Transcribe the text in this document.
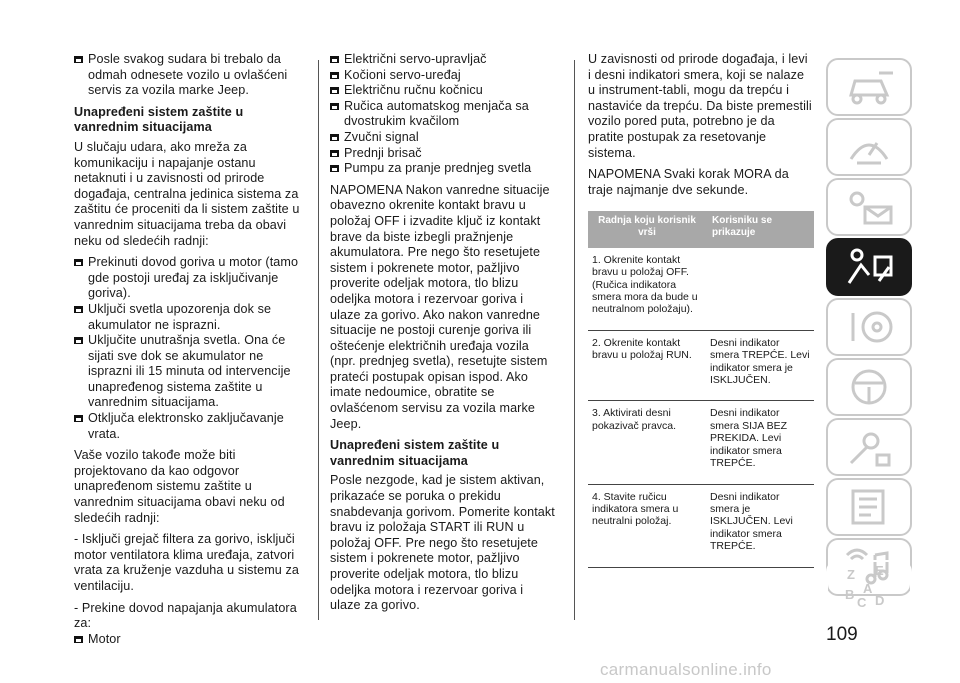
Posle svakog sudara bi trebalo da odmah odnesete vozilo u ovlašćeni servis za vozila marke Jeep.

Unapređeni sistem zaštite u vanrednim situacijama

U slučaju udara, ako mreža za komunikaciju i napajanje ostanu netaknuti i u zavisnosti od prirode događaja, centralna jedinica sistema za zaštitu će proceniti da li sistem zaštite u vanrednim situacijama treba da obavi neku od sledećih radnji:

Prekinuti dovod goriva u motor (tamo gde postoji uređaj za isključivanje goriva).

Uključi svetla upozorenja dok se akumulator ne isprazni.

Uključite unutrašnja svetla. Ona će sijati sve dok se akumulator ne isprazni ili 15 minuta od intervencije unapređenog sistema zaštite u vanrednim situacijama.

Otključa elektronsko zaključavanje vrata.

Vaše vozilo takođe može biti projektovano da kao odgovor unapređenom sistemu zaštite u vanrednim situacijama obavi neku od sledećih radnji:

- Isključi grejač filtera za gorivo, isključi motor ventilatora klima uređaja, zatvori vrata za kruženje vazduha u sistemu za ventilaciju.

- Prekine dovod napajanja akumulatora za:

Motor

Električni servo-upravljač

Kočioni servo-uređaj

Električnu ručnu kočnicu

Ručica automatskog menjača sa dvostrukim kvačilom

Zvučni signal

Prednji brisač

Pumpu za pranje prednjeg svetla

NAPOMENA Nakon vanredne situacije obavezno okrenite kontakt bravu u položaj OFF i izvadite ključ iz kontakt brave da biste izbegli pražnjenje akumulatora. Pre nego što resetujete sistem i pokrenete motor, pažljivo proverite odeljak motora, tlo blizu odeljka motora i rezervoar goriva i ulaze za gorivo. Ako nakon vanredne situacije ne postoji curenje goriva ili oštećenje električnih uređaja vozila (npr. prednjeg svetla), resetujte sistem prateći postupak opisan ispod. Ako imate nedoumice, obratite se ovlašćenom servisu za vozila marke Jeep.

Unapređeni sistem zaštite u vanrednim situacijama

Posle nezgode, kad je sistem aktivan, prikazaće se poruka o prekidu snabdevanja gorivom. Pomerite kontakt bravu iz položaja START ili RUN u položaj OFF. Pre nego što resetujete sistem i pokrenete motor, pažljivo proverite odeljak motora, tlo blizu odeljka motora i rezervoar goriva i ulaze za gorivo.

U zavisnosti od prirode događaja, i levi i desni indikatori smera, koji se nalaze u instrument-tabli, mogu da trepću i nastaviće da trepću. Da biste premestili vozilo pored puta, potrebno je da pratite postupak za resetovanje sistema.

NAPOMENA Svaki korak MORA da traje najmanje dve sekunde.

Radnja koju korisnik vrši	Korisniku se prikazuje
1. Okrenite kontakt bravu u položaj OFF. (Ručica indikatora smera mora da bude u neutralnom položaju).	
2. Okrenite kontakt bravu u položaj RUN.	Desni indikator smera TREPĆE. Levi indikator smera je ISKLJUČEN.
3. Aktivirati desni pokazivač pravca.	Desni indikator smera SIJA BEZ PREKIDA. Levi indikator smera TREPĆE.
4. Stavite ručicu indikatora smera u neutralni položaj.	Desni indikator smera je ISKLJUČEN. Levi indikator smera TREPĆE.
Z E
B A
C D
109
carmanualsonline.info
